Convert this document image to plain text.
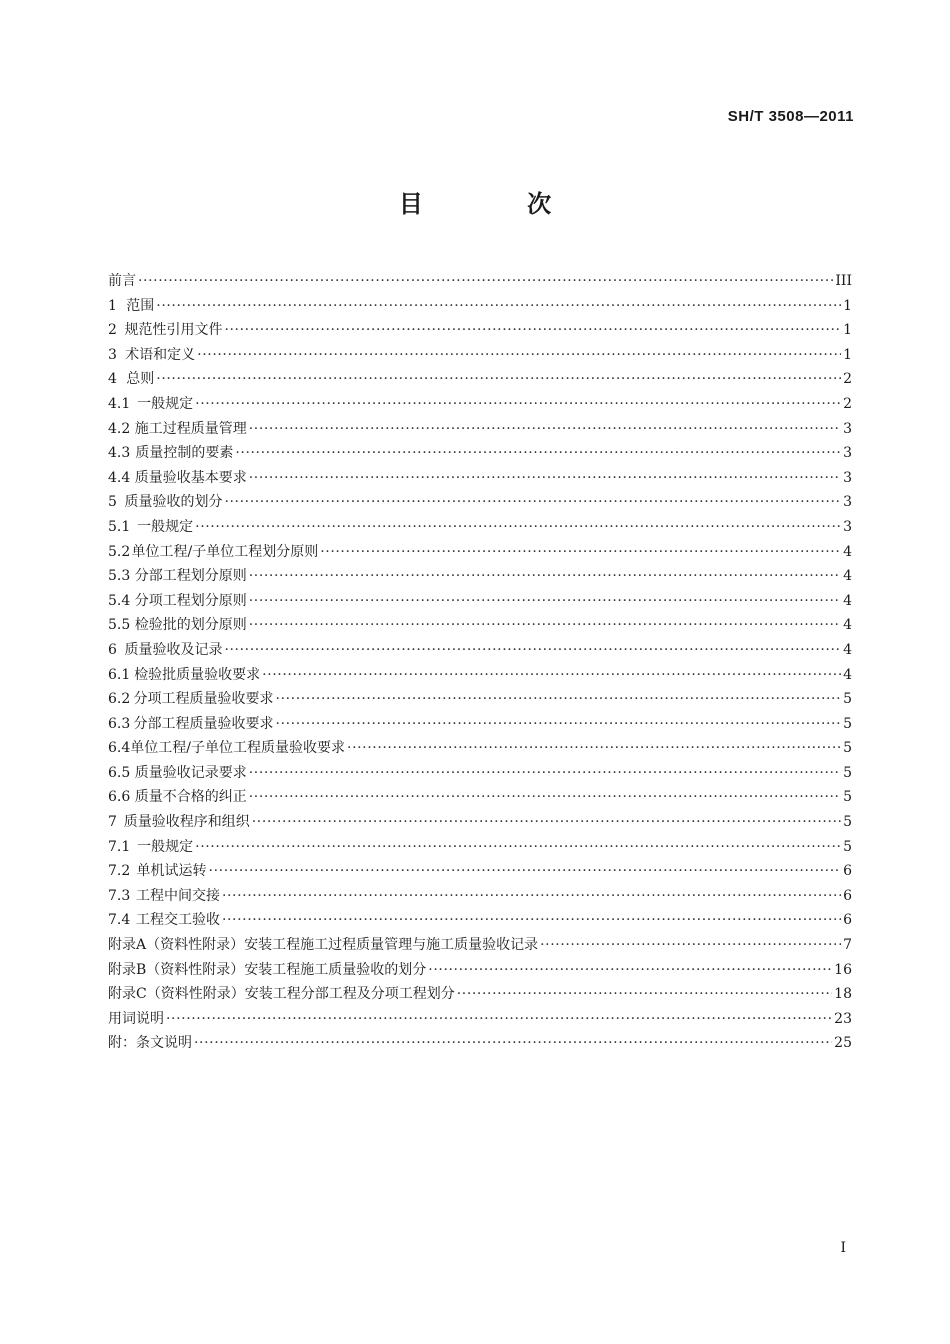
SH/T 3508—2011
目 次
前言 ·····	III
1 范围 ·····	1
2 规范性引用文件 ·····	1
3 术语和定义 ·····	1
4 总则 ·····	2
4.1 一般规定 ·····	2
4.2 施工过程质量管理 ·····	3
4.3 质量控制的要素 ·····	3
4.4 质量验收基本要求 ·····	3
5 质量验收的划分 ·····	3
5.1 一般规定 ·····	3
5.2 单位工程/子单位工程划分原则 ·····	4
5.3 分部工程划分原则 ·····	4
5.4 分项工程划分原则 ·····	4
5.5 检验批的划分原则 ·····	4
6 质量验收及记录 ·····	4
6.1 检验批质量验收要求 ·····	4
6.2 分项工程质量验收要求 ·····	5
6.3 分部工程质量验收要求 ·····	5
6.4 单位工程/子单位工程质量验收要求 ·····	5
6.5 质量验收记录要求 ·····	5
6.6 质量不合格的纠正 ·····	5
7 质量验收程序和组织 ·····	5
7.1 一般规定 ·····	5
7.2 单机试运转 ·····	6
7.3 工程中间交接 ·····	6
7.4 工程交工验收 ·····	6
附录A（资料性附录）安装工程施工过程质量管理与施工质量验收记录 ·····	7
附录B（资料性附录）安装工程施工质量验收的划分 ·····	16
附录C（资料性附录）安装工程分部工程及分项工程划分 ·····	18
用词说明 ·····	23
附：条文说明 ·····	25
I
